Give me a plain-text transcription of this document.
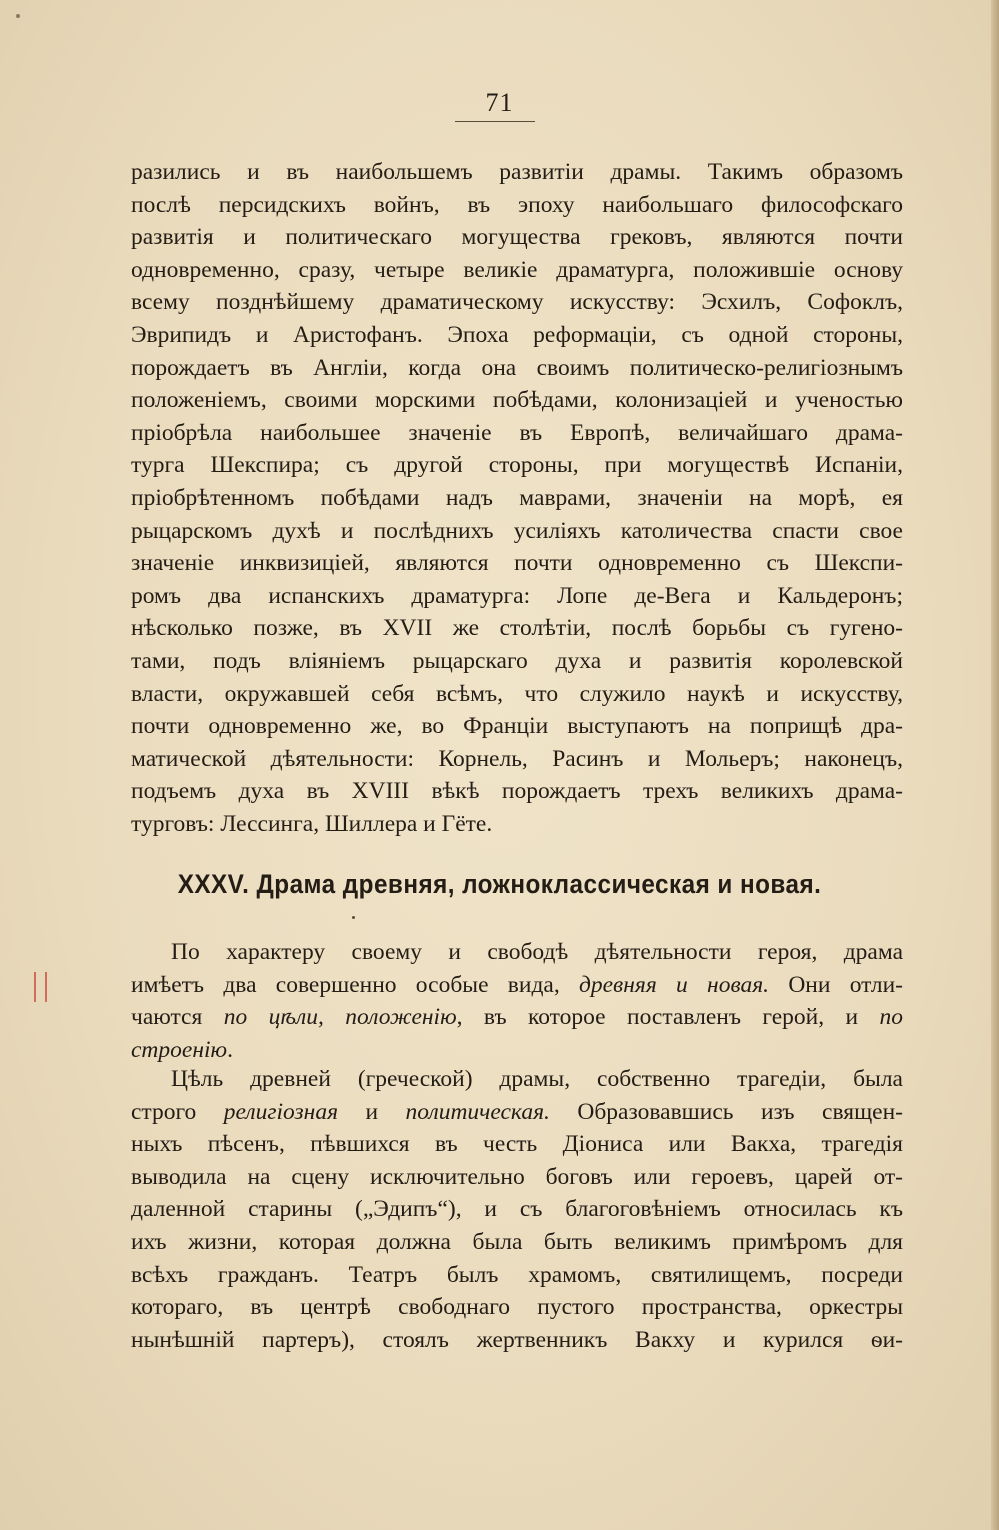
71
разились и въ наибольшемъ развитіи драмы. Такимъ образомъ
послѣ персидскихъ войнъ, въ эпоху наибольшаго философскаго
развитія и политическаго могущества грековъ, являются почти
одновременно, сразу, четыре великіе драматурга, положившіе основу
всему позднѣйшему драматическому искусству: Эсхилъ, Софоклъ,
Эврипидъ и Аристофанъ. Эпоха реформаціи, съ одной стороны,
порождаетъ въ Англіи, когда она своимъ политическо-религіознымъ
положеніемъ, своими морскими побѣдами, колонизаціей и ученостью
пріобрѣла наибольшее значеніе въ Европѣ, величайшаго драма-
турга Шекспира; съ другой стороны, при могуществѣ Испаніи,
пріобрѣтенномъ побѣдами надъ маврами, значеніи на морѣ, ея
рыцарскомъ духѣ и послѣднихъ усиліяхъ католичества спасти свое
значеніе инквизиціей, являются почти одновременно съ Шекспи-
ромъ два испанскихъ драматурга: Лопе де-Вега и Кальдеронъ;
нѣсколько позже, въ XVII же столѣтіи, послѣ борьбы съ гугено-
тами, подъ вліяніемъ рыцарскаго духа и развитія королевской
власти, окружавшей себя всѣмъ, что служило наукѣ и искусству,
почти одновременно же, во Франціи выступаютъ на поприщѣ дра-
матической дѣятельности: Корнель, Расинъ и Мольеръ; наконецъ,
подъемъ духа въ XVIII вѣкѣ порождаетъ трехъ великихъ драма-
турговъ: Лессинга, Шиллера и Гёте.
XXXV. Драма древняя, ложноклассическая и новая.
По характеру своему и свободѣ дѣятельности героя, драма
имѣетъ два совершенно особые вида, древняя и новая. Они отли-
чаются по цѣли, положенію, въ которое поставленъ герой, и по
строенію.
Цѣль древней (греческой) драмы, собственно трагедіи, была
строго религіозная и политическая. Образовавшись изъ священ-
ныхъ пѣсенъ, пѣвшихся въ честь Діониса или Вакха, трагедія
выводила на сцену исключительно боговъ или героевъ, царей от-
даленной старины („Эдипъ“), и съ благоговѣніемъ относилась къ
ихъ жизни, которая должна была быть великимъ примѣромъ для
всѣхъ гражданъ. Театръ былъ храмомъ, святилищемъ, посреди
котораго, въ центрѣ свободнаго пустого пространства, оркестры
нынѣшній партеръ), стоялъ жертвенникъ Вакху и курился ѳи-
